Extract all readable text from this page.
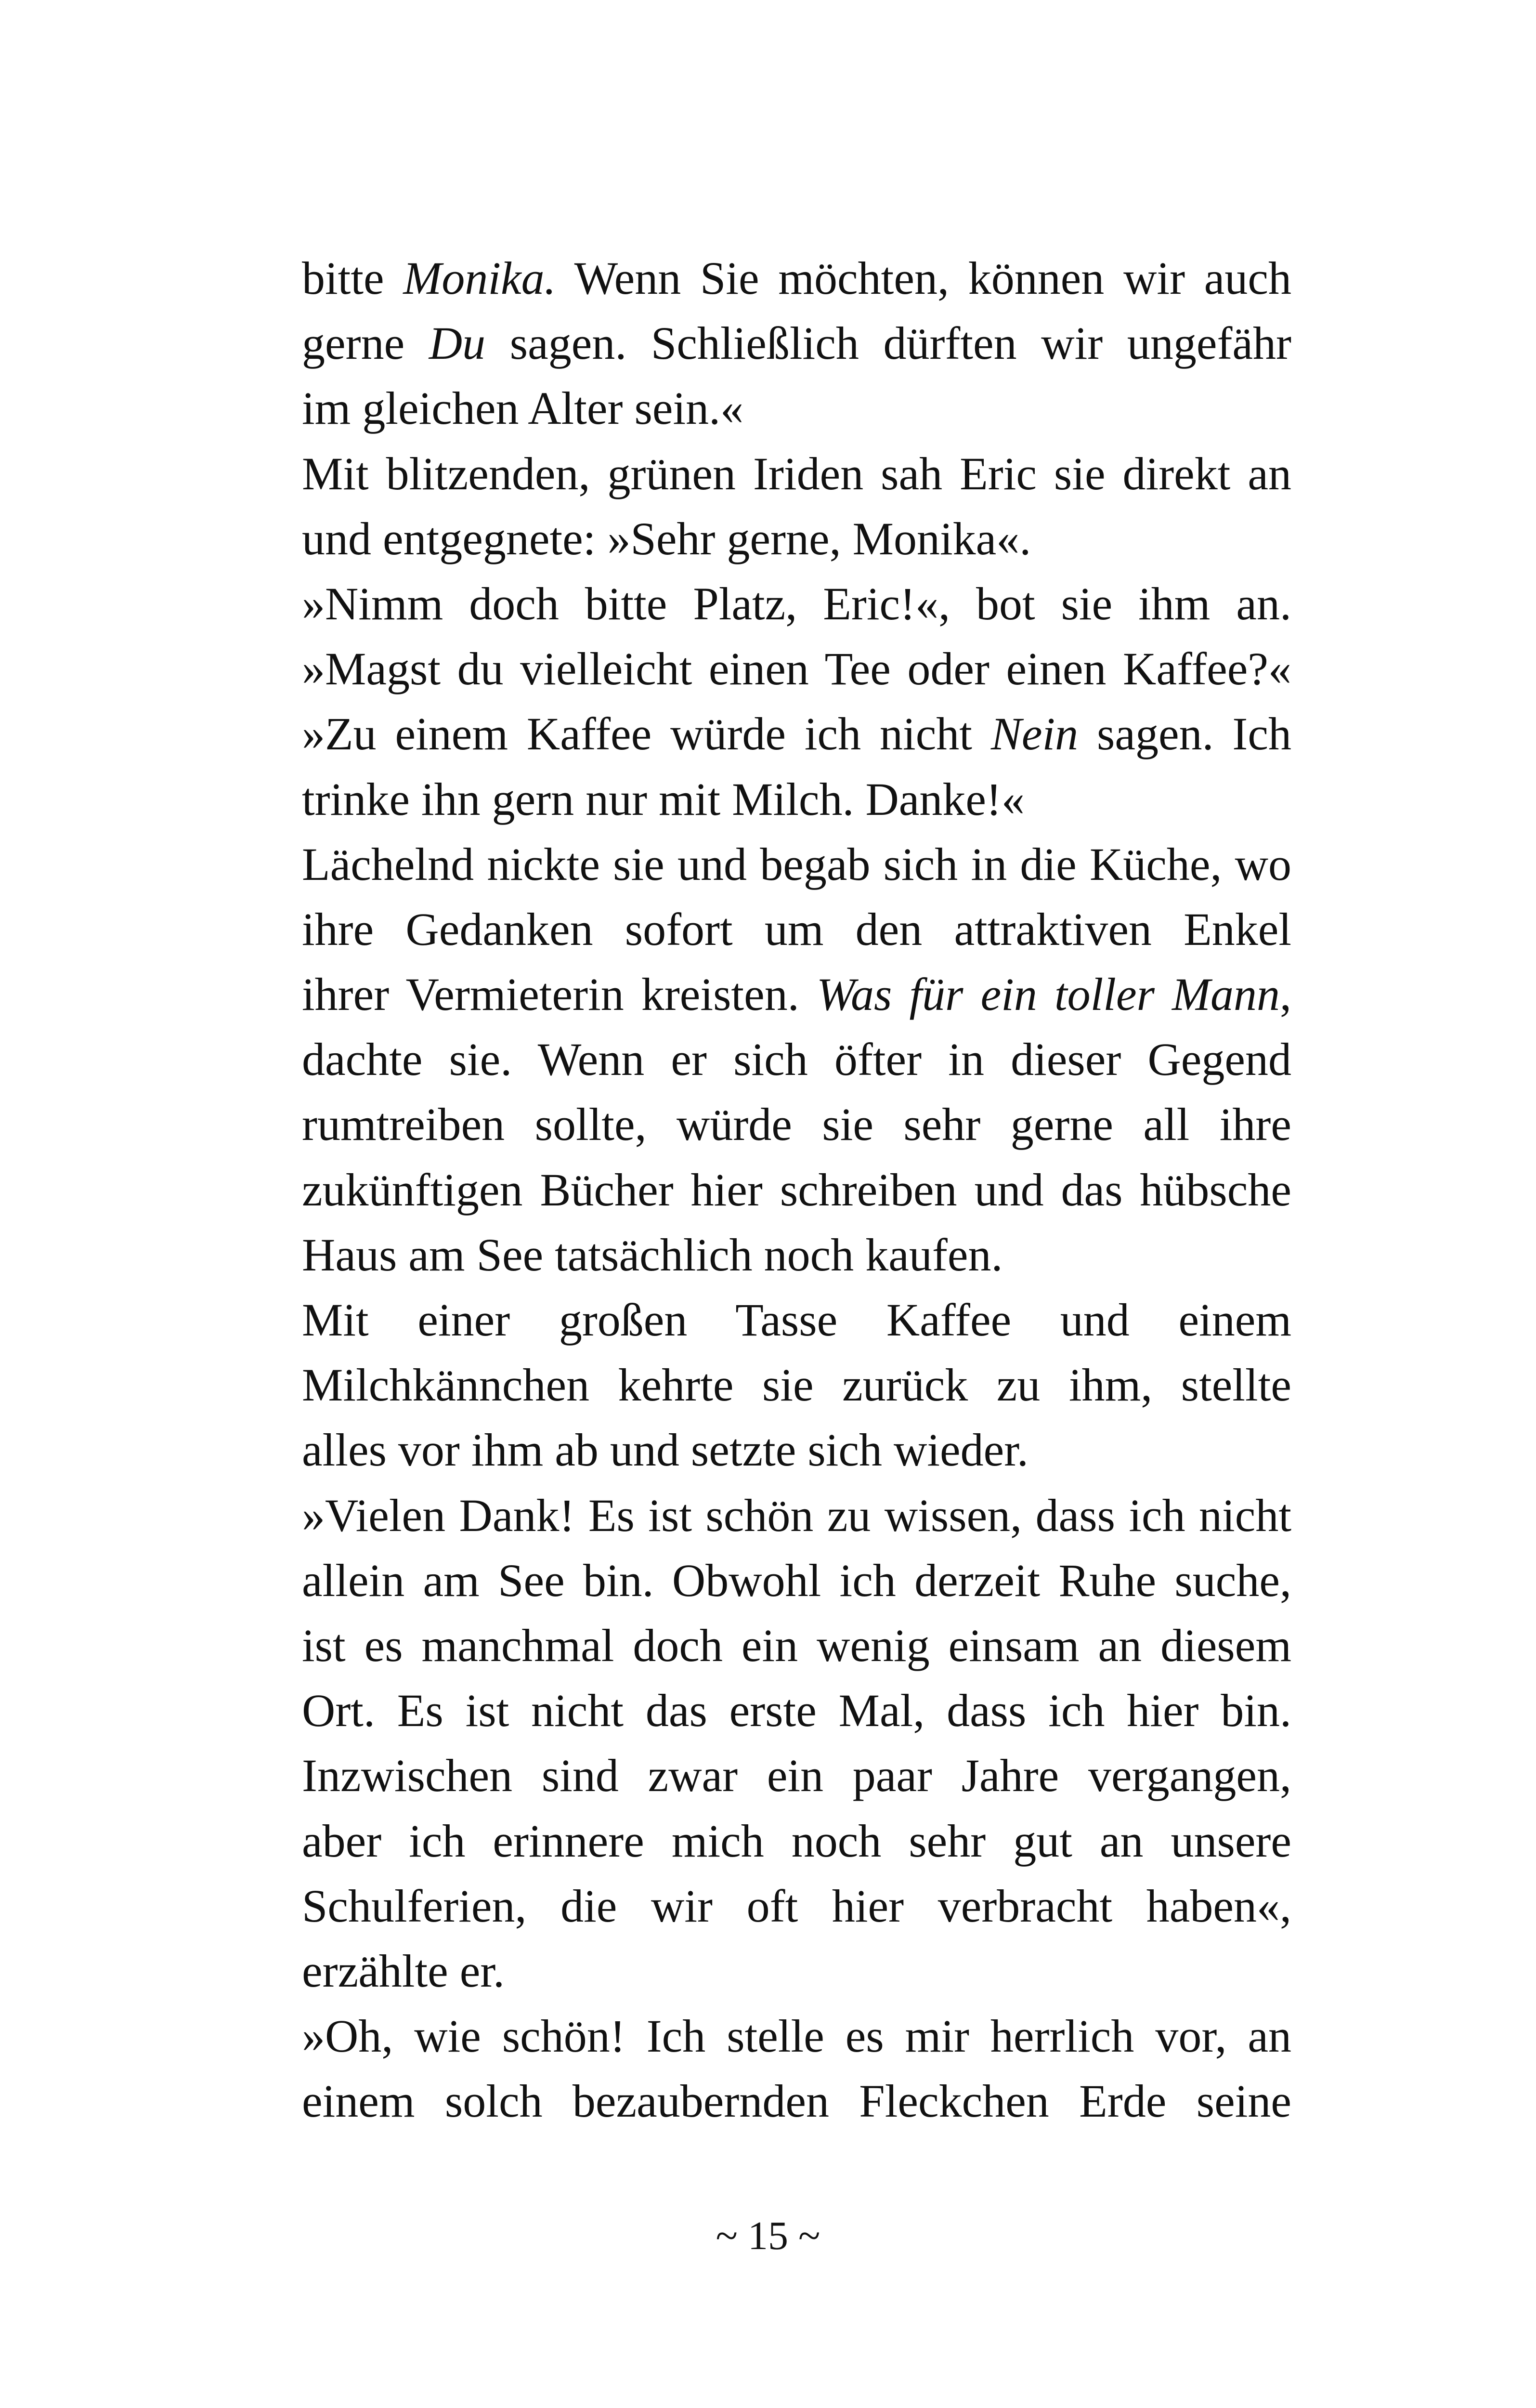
bitte Monika. Wenn Sie möchten, können wir auch
gerne Du sagen. Schließlich dürften wir ungefähr
im gleichen Alter sein.«
Mit blitzenden, grünen Iriden sah Eric sie direkt an
und entgegnete: »Sehr gerne, Monika«.
»Nimm doch bitte Platz, Eric!«, bot sie ihm an.
»Magst du vielleicht einen Tee oder einen Kaffee?«
»Zu einem Kaffee würde ich nicht Nein sagen. Ich
trinke ihn gern nur mit Milch. Danke!«
Lächelnd nickte sie und begab sich in die Küche, wo
ihre Gedanken sofort um den attraktiven Enkel
ihrer Vermieterin kreisten. Was für ein toller Mann,
dachte sie. Wenn er sich öfter in dieser Gegend
rumtreiben sollte, würde sie sehr gerne all ihre
zukünftigen Bücher hier schreiben und das hübsche
Haus am See tatsächlich noch kaufen.
Mit einer großen Tasse Kaffee und einem
Milchkännchen kehrte sie zurück zu ihm, stellte
alles vor ihm ab und setzte sich wieder.
»Vielen Dank! Es ist schön zu wissen, dass ich nicht
allein am See bin. Obwohl ich derzeit Ruhe suche,
ist es manchmal doch ein wenig einsam an diesem
Ort. Es ist nicht das erste Mal, dass ich hier bin.
Inzwischen sind zwar ein paar Jahre vergangen,
aber ich erinnere mich noch sehr gut an unsere
Schulferien, die wir oft hier verbracht haben«,
erzählte er.
»Oh, wie schön! Ich stelle es mir herrlich vor, an
einem solch bezaubernden Fleckchen Erde seine
~ 15 ~
